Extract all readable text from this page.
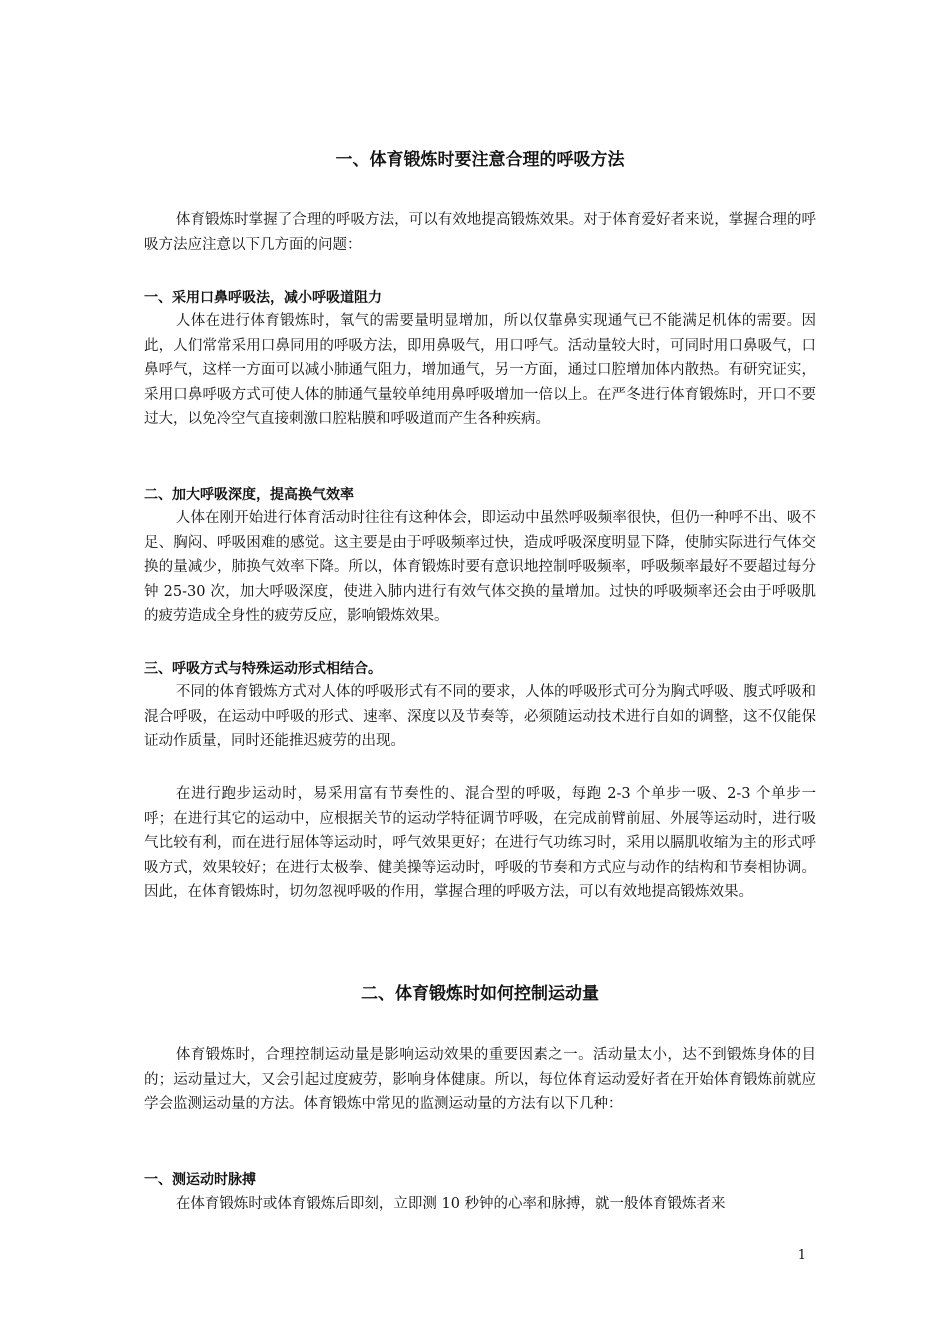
一、体育锻炼时要注意合理的呼吸方法

体育锻炼时掌握了合理的呼吸方法，可以有效地提高锻炼效果。对于体育爱好者来说，掌握合理的呼吸方法应注意以下几方面的问题：

一、采用口鼻呼吸法，减小呼吸道阻力

人体在进行体育锻炼时，氧气的需要量明显增加，所以仅靠鼻实现通气已不能满足机体的需要。因此，人们常常采用口鼻同用的呼吸方法，即用鼻吸气，用口呼气。活动量较大时，可同时用口鼻吸气，口鼻呼气，这样一方面可以减小肺通气阻力，增加通气，另一方面，通过口腔增加体内散热。有研究证实，采用口鼻呼吸方式可使人体的肺通气量较单纯用鼻呼吸增加一倍以上。在严冬进行体育锻炼时，开口不要过大，以免冷空气直接刺激口腔粘膜和呼吸道而产生各种疾病。

二、加大呼吸深度，提高换气效率

人体在刚开始进行体育活动时往往有这种体会，即运动中虽然呼吸频率很快，但仍一种呼不出、吸不足、胸闷、呼吸困难的感觉。这主要是由于呼吸频率过快，造成呼吸深度明显下降，使肺实际进行气体交换的量减少，肺换气效率下降。所以，体育锻炼时要有意识地控制呼吸频率，呼吸频率最好不要超过每分钟 25-30 次，加大呼吸深度，使进入肺内进行有效气体交换的量增加。过快的呼吸频率还会由于呼吸肌的疲劳造成全身性的疲劳反应，影响锻炼效果。

三、呼吸方式与特殊运动形式相结合。

不同的体育锻炼方式对人体的呼吸形式有不同的要求，人体的呼吸形式可分为胸式呼吸、腹式呼吸和混合呼吸，在运动中呼吸的形式、速率、深度以及节奏等，必须随运动技术进行自如的调整，这不仅能保证动作质量，同时还能推迟疲劳的出现。

在进行跑步运动时，易采用富有节奏性的、混合型的呼吸，每跑 2-3 个单步一吸、2-3 个单步一呼；在进行其它的运动中，应根据关节的运动学特征调节呼吸，在完成前臂前屈、外展等运动时，进行吸气比较有利，而在进行屈体等运动时，呼气效果更好；在进行气功练习时，采用以膈肌收缩为主的形式呼吸方式，效果较好；在进行太极拳、健美操等运动时，呼吸的节奏和方式应与动作的结构和节奏相协调。因此，在体育锻炼时，切勿忽视呼吸的作用，掌握合理的呼吸方法，可以有效地提高锻炼效果。

二、体育锻炼时如何控制运动量

体育锻炼时，合理控制运动量是影响运动效果的重要因素之一。活动量太小，达不到锻炼身体的目的；运动量过大，又会引起过度疲劳，影响身体健康。所以，每位体育运动爱好者在开始体育锻炼前就应学会监测运动量的方法。体育锻炼中常见的监测运动量的方法有以下几种：

一、测运动时脉搏

在体育锻炼时或体育锻炼后即刻，立即测 10 秒钟的心率和脉搏，就一般体育锻炼者来

1
